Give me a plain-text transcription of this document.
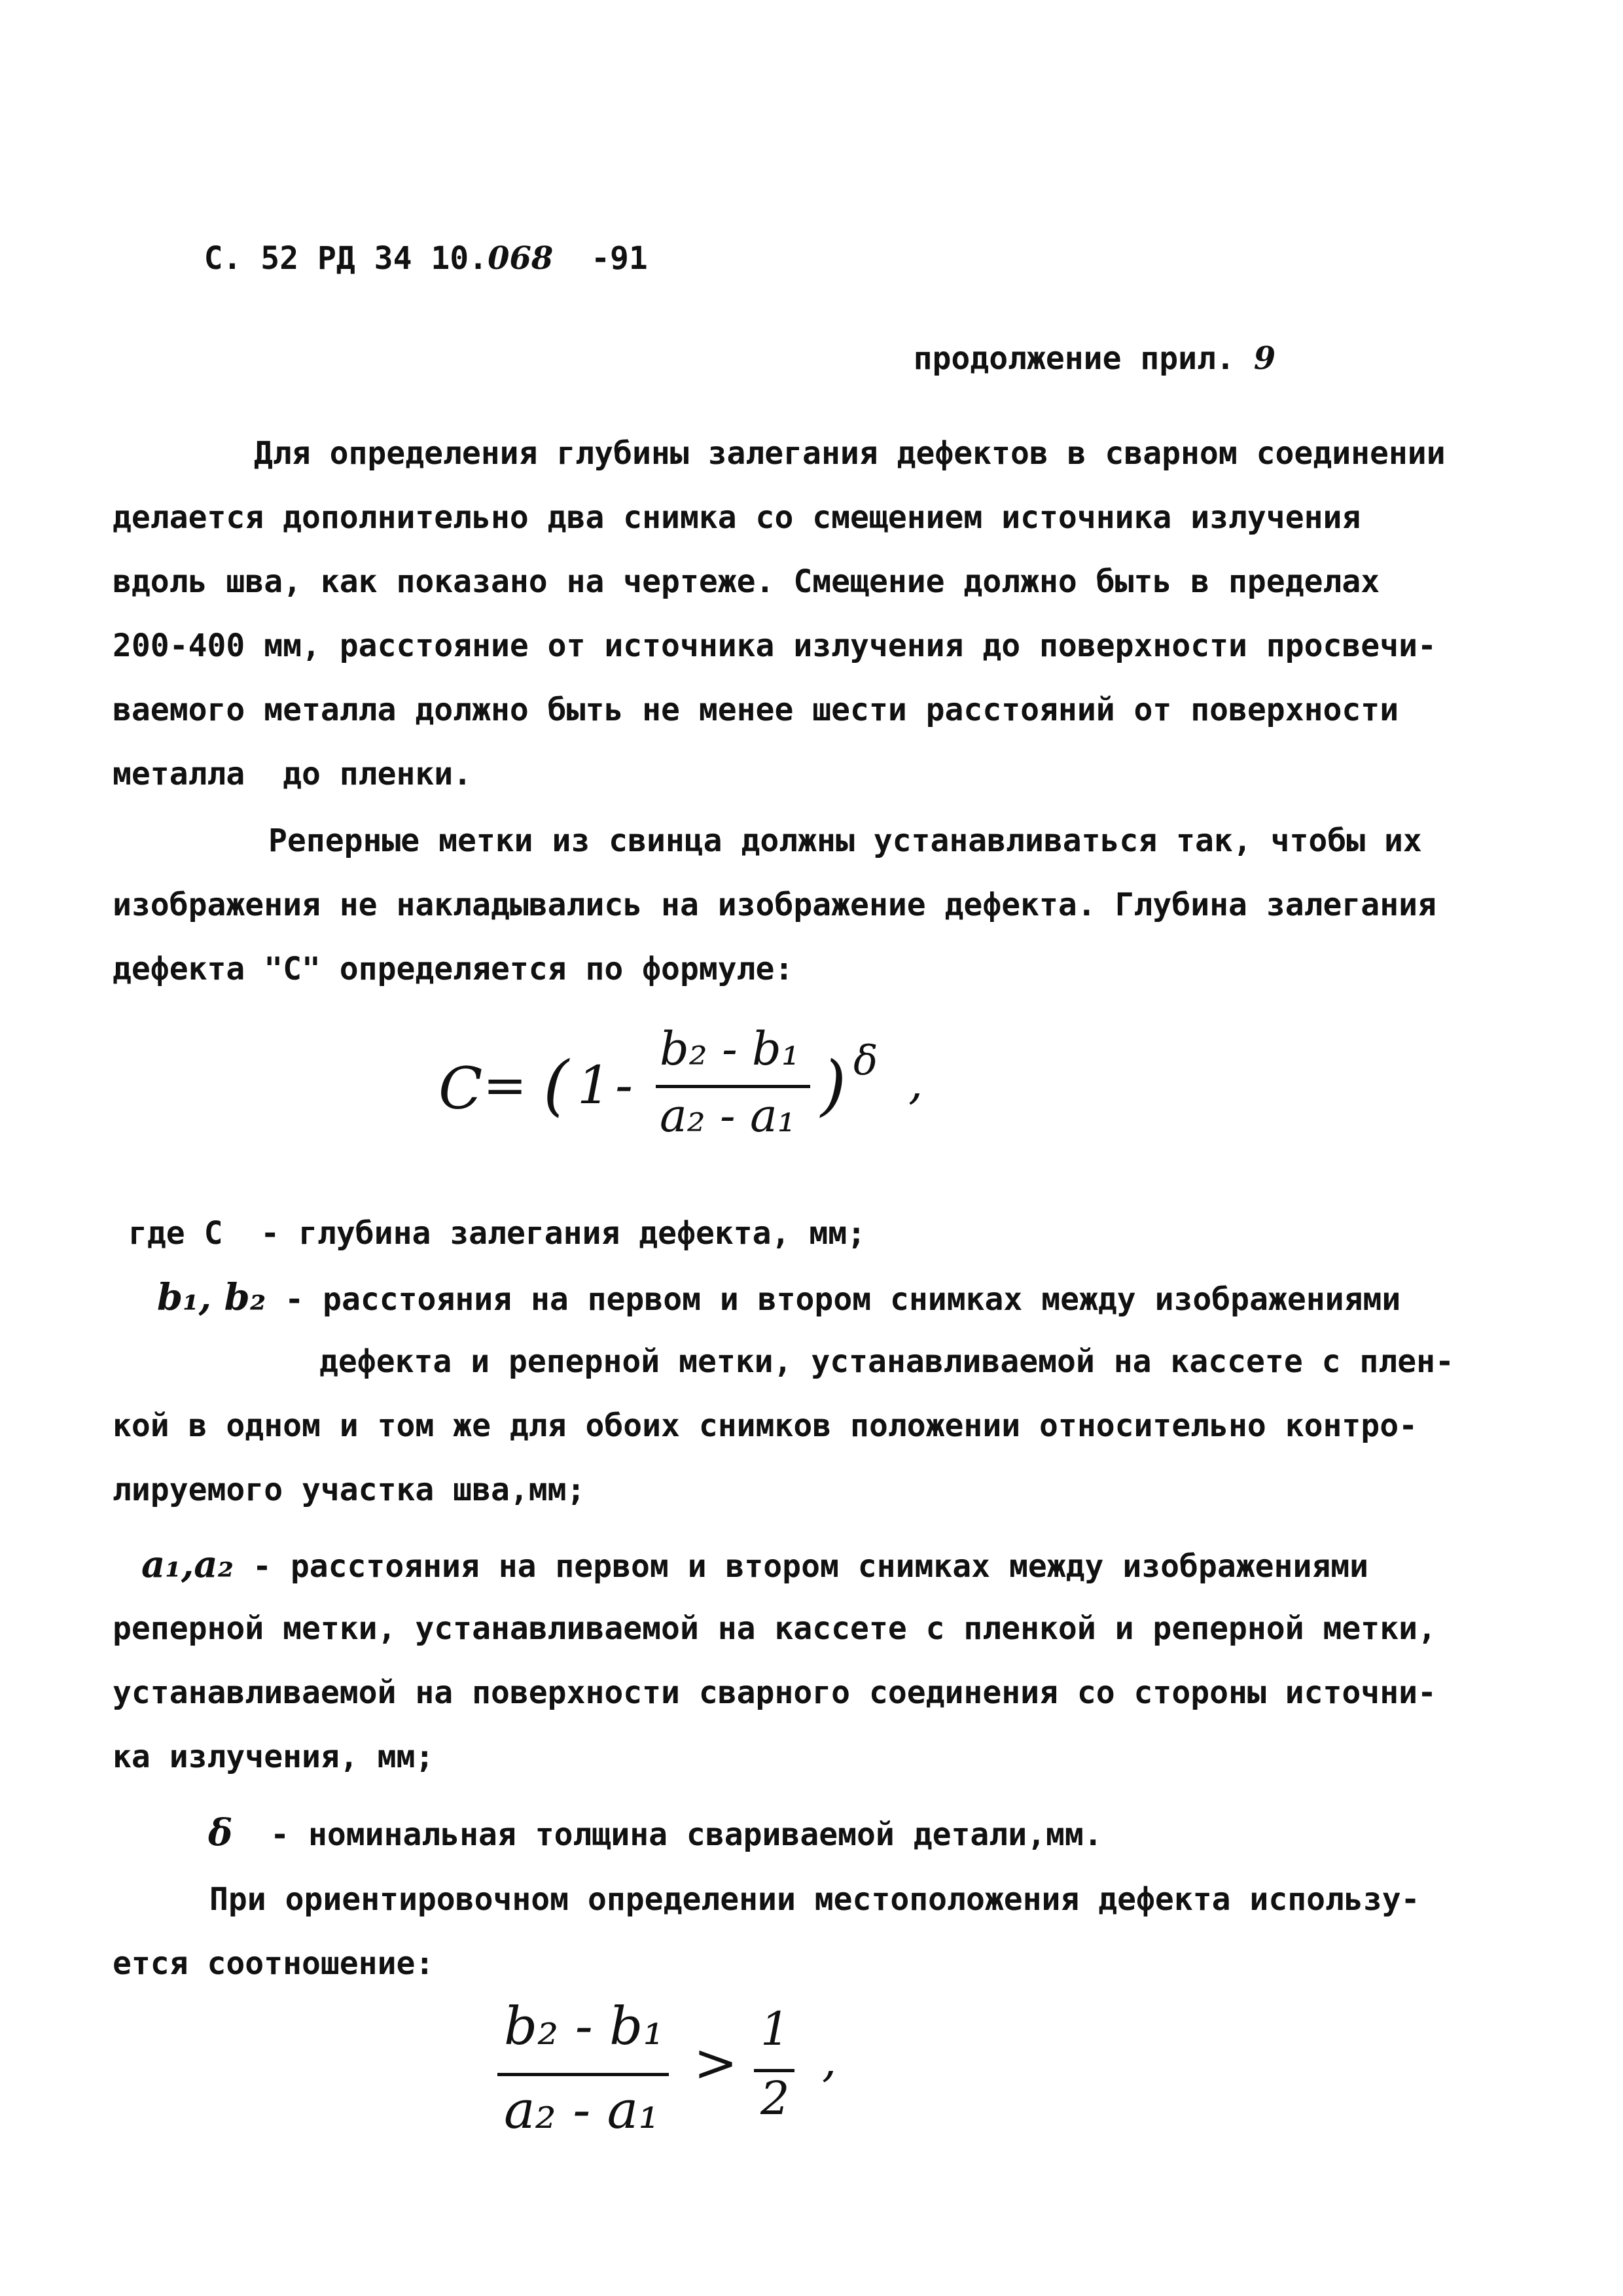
С. 52 РД 34 10.068 -91

продолжение прил. 9

Для определения глубины залегания дефектов в сварном соединении
делается дополнительно два снимка со смещением источника излучения
вдоль шва, как показано на чертеже. Смещение должно быть в пределах
200-400 мм, расстояние от источника излучения до поверхности просвечи-
ваемого металла должно быть не менее шести расстояний от поверхности
металла  до пленки.
Реперные метки из свинца должны устанавливаться так, чтобы их
изображения не накладывались на изображение дефекта. Глубина залегания
дефекта "С" определяется по формуле:
С = ( 1 -
b₂ - b₁
a₂ - a₁ ) δ ,
где С  - глубина залегания дефекта, мм;
b₁, b₂ - расстояния на первом и втором снимках между изображениями
дефекта и реперной метки, устанавливаемой на кассете с плен-
кой в одном и том же для обоих снимков положении относительно контро-
лируемого участка шва,мм;
a₁,a₂ - расстояния на первом и втором снимках между изображениями
реперной метки, устанавливаемой на кассете с пленкой и реперной метки,
устанавливаемой на поверхности сварного соединения со стороны источни-
ка излучения, мм;
δ  - номинальная толщина свариваемой детали,мм.
При ориентировочном определении местоположения дефекта использу-
ется соотношение:
b₂ - b₁
a₂ - a₁
>
1
2
,
